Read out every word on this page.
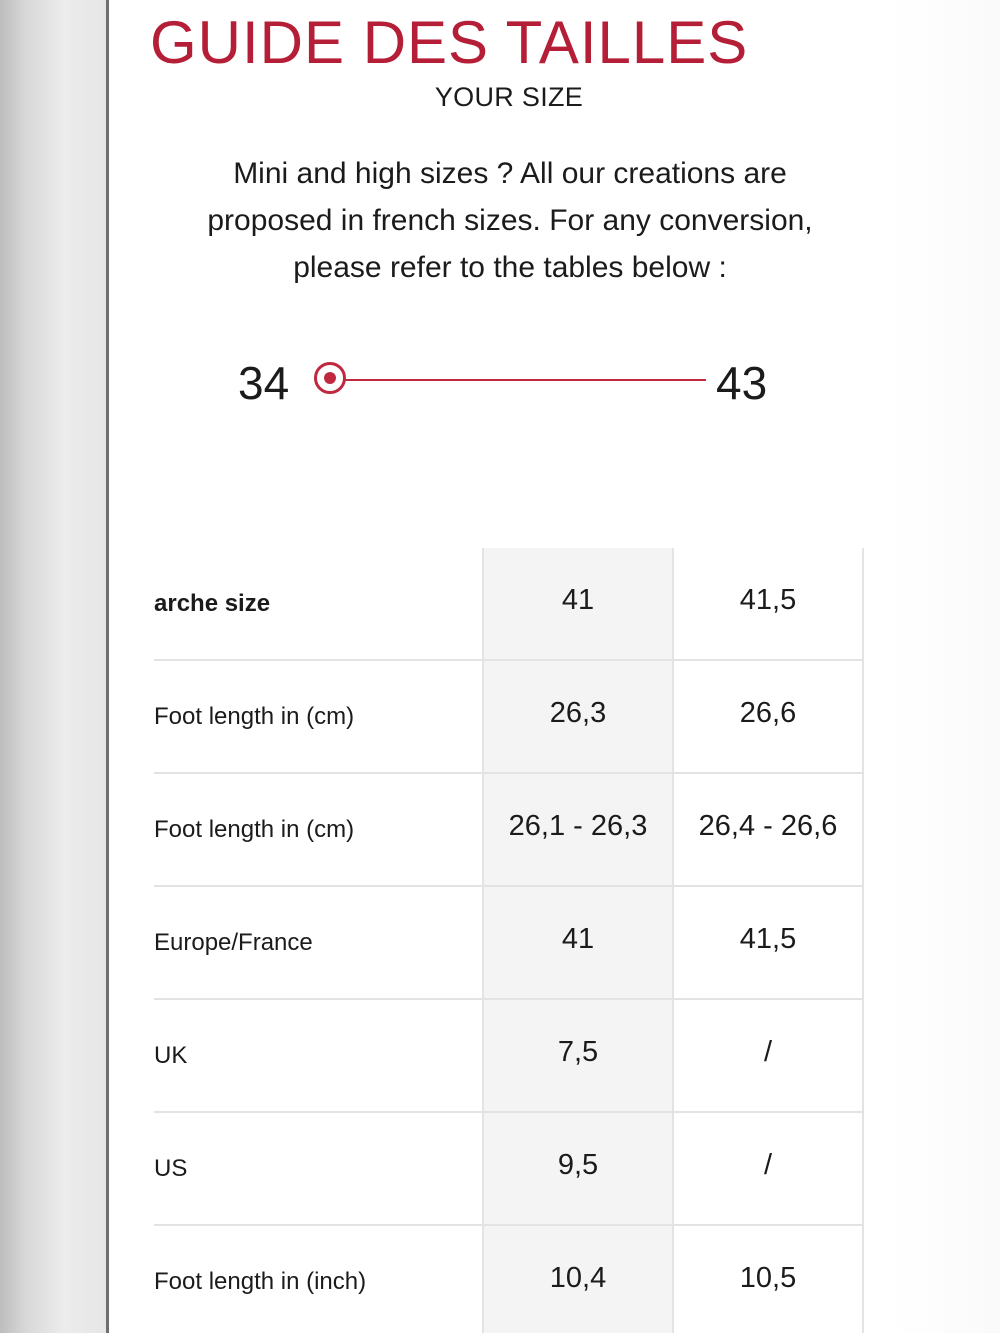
GUIDE DES TAILLES
YOUR SIZE
Mini and high sizes ? All our creations are
proposed in french sizes. For any conversion,
please refer to the tables below :
34	43
arche size	41	41,5
Foot length in (cm)	26,3	26,6
Foot length in (cm)	26,1 - 26,3	26,4 - 26,6
Europe/France	41	41,5
UK	7,5	/
US	9,5	/
Foot length in (inch)	10,4	10,5
